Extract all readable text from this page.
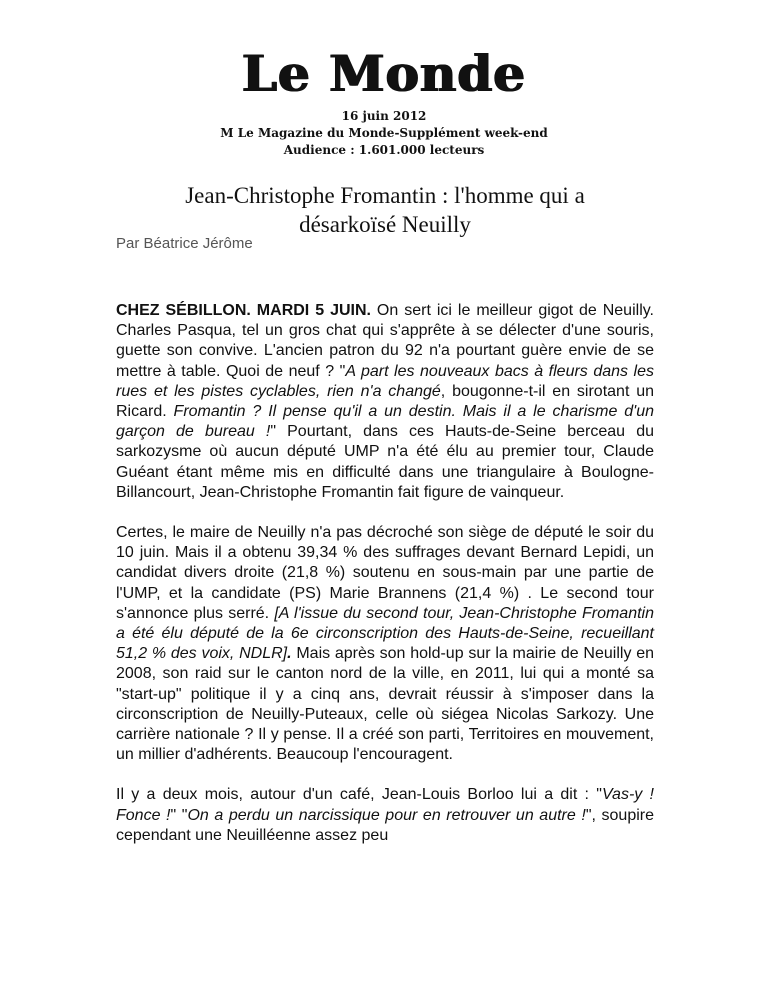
Le Monde
16 juin 2012
M Le Magazine du Monde-Supplément week-end
Audience : 1.601.000 lecteurs
Jean-Christophe Fromantin : l'homme qui a désarkoïsé Neuilly
Par Béatrice Jérôme

CHEZ SÉBILLON. MARDI 5 JUIN. On sert ici le meilleur gigot de Neuilly. Charles Pasqua, tel un gros chat qui s'apprête à se délecter d'une souris, guette son convive. L'ancien patron du 92 n'a pourtant guère envie de se mettre à table. Quoi de neuf ? "A part les nouveaux bacs à fleurs dans les rues et les pistes cyclables, rien n'a changé, bougonne-t-il en sirotant un Ricard. Fromantin ? Il pense qu'il a un destin. Mais il a le charisme d'un garçon de bureau !" Pourtant, dans ces Hauts-de-Seine berceau du sarkozysme où aucun député UMP n'a été élu au premier tour, Claude Guéant étant même mis en difficulté dans une triangulaire à Boulogne-Billancourt, Jean-Christophe Fromantin fait figure de vainqueur.

Certes, le maire de Neuilly n'a pas décroché son siège de député le soir du 10 juin. Mais il a obtenu 39,34 % des suffrages devant Bernard Lepidi, un candidat divers droite (21,8 %) soutenu en sous-main par une partie de l'UMP, et la candidate (PS) Marie Brannens (21,4 %) . Le second tour s'annonce plus serré. [A l'issue du second tour, Jean-Christophe Fromantin a été élu député de la 6e circonscription des Hauts-de-Seine, recueillant 51,2 % des voix, NDLR]. Mais après son hold-up sur la mairie de Neuilly en 2008, son raid sur le canton nord de la ville, en 2011, lui qui a monté sa "start-up" politique il y a cinq ans, devrait réussir à s'imposer dans la circonscription de Neuilly-Puteaux, celle où siégea Nicolas Sarkozy. Une carrière nationale ? Il y pense. Il a créé son parti, Territoires en mouvement, un millier d'adhérents. Beaucoup l'encouragent.

Il y a deux mois, autour d'un café, Jean-Louis Borloo lui a dit : "Vas-y ! Fonce !" "On a perdu un narcissique pour en retrouver un autre !", soupire cependant une Neuilléenne assez peu
